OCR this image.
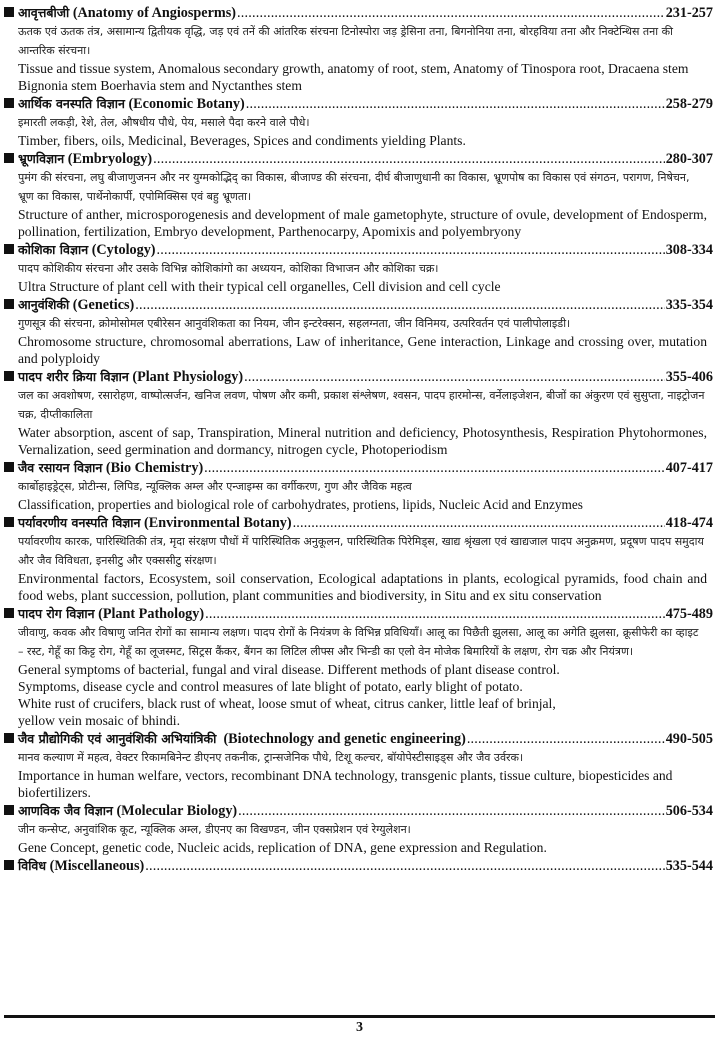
आवृत्तबीजी (Anatomy of Angiosperms) .....	231-257
ऊतक एवं ऊतक तंत्र, असामान्य द्वितीयक वृद्धि, जड़ एवं तनें की आंतरिक संरचना टिनोस्पोरा जड़ ड्रेसिना तना, बिगनोनिया तना, बोरहविया तना और निक्टेन्थिस तना की आन्तरिक संरचना।
Tissue and tissue system, Anomalous secondary growth, anatomy of root, stem, Anatomy of Tinospora root, Dracaena stem Bignonia stem Boerhavia stem and Nyctanthes stem
आर्थिक वनस्पति विज्ञान (Economic Botany) .....	258-279
इमारती लकड़ी, रेशे, तेल, औषधीय पौधे, पेय, मसाले पैदा करने वाले पौधे।
Timber, fibers, oils, Medicinal, Beverages, Spices and condiments yielding Plants.
भ्रूणविज्ञान (Embryology) .....	280-307
पुमंग की संरचना, लघु बीजाणुजनन और नर युग्मकोद्भिद् का विकास, बीजाण्ड की संरचना, दीर्घ बीजाणुधानी का विकास, भ्रूणपोष का विकास एवं संगठन, परागण, निषेचन, भ्रूण का विकास, पार्थेनोकार्पी, एपोमिक्सिस एवं बहु भ्रूणता।
Structure of anther, microsporogenesis and development of male gametophyte, structure of ovule, development of Endosperm, pollination, fertilization, Embryo development, Parthenocarpy, Apomixis and polyembryony
कोशिका विज्ञान (Cytology) .....	308-334
पादप कोशिकीय संरचना और उसके विभिन्न कोशिकांगो का अध्ययन, कोशिका विभाजन और कोशिका चक्र।
Ultra Structure of plant cell with their typical cell organelles, Cell division and cell cycle
आनुवंशिकी (Genetics) .....	335-354
गुणसूत्र की संरचना, क्रोमोसोमल एबीरेसन आनुवंशिकता का नियम, जीन इन्टरेक्सन, सहलग्नता, जीन विनिमय, उत्परिवर्तन एवं पालीपोलाइडी।
Chromosome structure, chromosomal aberrations, Law of inheritance, Gene interaction, Linkage and crossing over, mutation and polyploidy
पादप शरीर क्रिया विज्ञान (Plant Physiology) .....	355-406
जल का अवशोषण, रसारोहण, वाष्पोत्सर्जन, खनिज लवण, पोषण और कमी, प्रकाश संश्लेषण, श्वसन, पादप हारमोन्स, वर्नेलाइजेशन, बीजों का अंकुरण एवं सुसुप्ता, नाइट्रोजन चक्र, दीप्तीकालिता
Water absorption, ascent of sap, Transpiration, Mineral nutrition and deficiency, Photosynthesis, Respiration Phytohormones, Vernalization, seed germination and dormancy, nitrogen cycle, Photoperiodism
जैव रसायन विज्ञान (Bio Chemistry) .....	407-417
कार्बोहाइड्रेट्स, प्रोटीन्स, लिपिड, न्यूक्लिक अम्ल और एन्जाइम्स का वर्गीकरण, गुण और जैविक महत्व
Classification, properties and biological role of carbohydrates, protiens, lipids, Nucleic Acid and Enzymes
पर्यावरणीय वनस्पति विज्ञान (Environmental Botany) .....	418-474
पर्यावरणीय कारक, पारिस्थितिकी तंत्र, मृदा संरक्षण पौधों में पारिस्थितिक अनुकूलन, पारिस्थितिक पिरेमिड्स, खाद्य श्रृंखला एवं खाद्यजाल पादप अनुक्रमण, प्रदूषण पादप समुदाय और जैव विविधता, इनसीटु और एक्ससीटु संरक्षण।
Environmental factors, Ecosystem, soil conservation, Ecological adaptations in plants, ecological pyramids, food chain and food webs, plant succession, pollution, plant communities and biodiversity, in Situ and ex situ conservation
पादप रोग विज्ञान (Plant Pathology) .....	475-489
जीवाणु, कवक और विषाणु जनित रोगों का सामान्य लक्षण। पादप रोगों के नियंत्रण के विभिन्न प्रविधियाँ। आलू का पिछैती झुलसा, आलू का अगेति झुलसा, क्रूसीफेरी का व्हाइट – रस्ट, गेहूँ का किट्ट रोग, गेहूँ का लूजस्मट, सिट्रस कैंकर, बैंगन का लिटिल लीफ्स और भिन्डी का एलो वेन मोजेक बिमारियों के लक्षण, रोग चक्र और नियंत्रण।
General symptoms of bacterial, fungal and viral disease. Different methods of plant disease control.
Symptoms, disease cycle and control measures of late blight of potato, early blight of potato.
White rust of crucifers, black rust of wheat, loose smut of wheat, citrus canker, little leaf of brinjal,
yellow vein mosaic of bhindi.
जैव प्रौद्योगिकी एवं आनुवंशिकी अभियांत्रिकी (Biotechnology and genetic engineering) .....	490-505
मानव कल्याण में महत्व, वेक्टर रिकामबिनेन्ट डीएनए तकनीक, ट्रान्सजेनिक पौधे, टिशू कल्चर, बॉयोपेस्टीसाइड्स और जैव उर्वरक।
Importance in human welfare, vectors, recombinant DNA technology, transgenic plants, tissue culture, biopesticides and biofertilizers.
आणविक जैव विज्ञान (Molecular Biology) .....	506-534
जीन कन्सेप्ट, अनुवांशिक कूट, न्यूक्लिक अम्ल, डीएनए का विखण्डन, जीन एक्सप्रेशन एवं रेग्युलेशन।
Gene Concept, genetic code, Nucleic acids, replication of DNA, gene expression and Regulation.
विविध (Miscellaneous) .....	535-544
3
